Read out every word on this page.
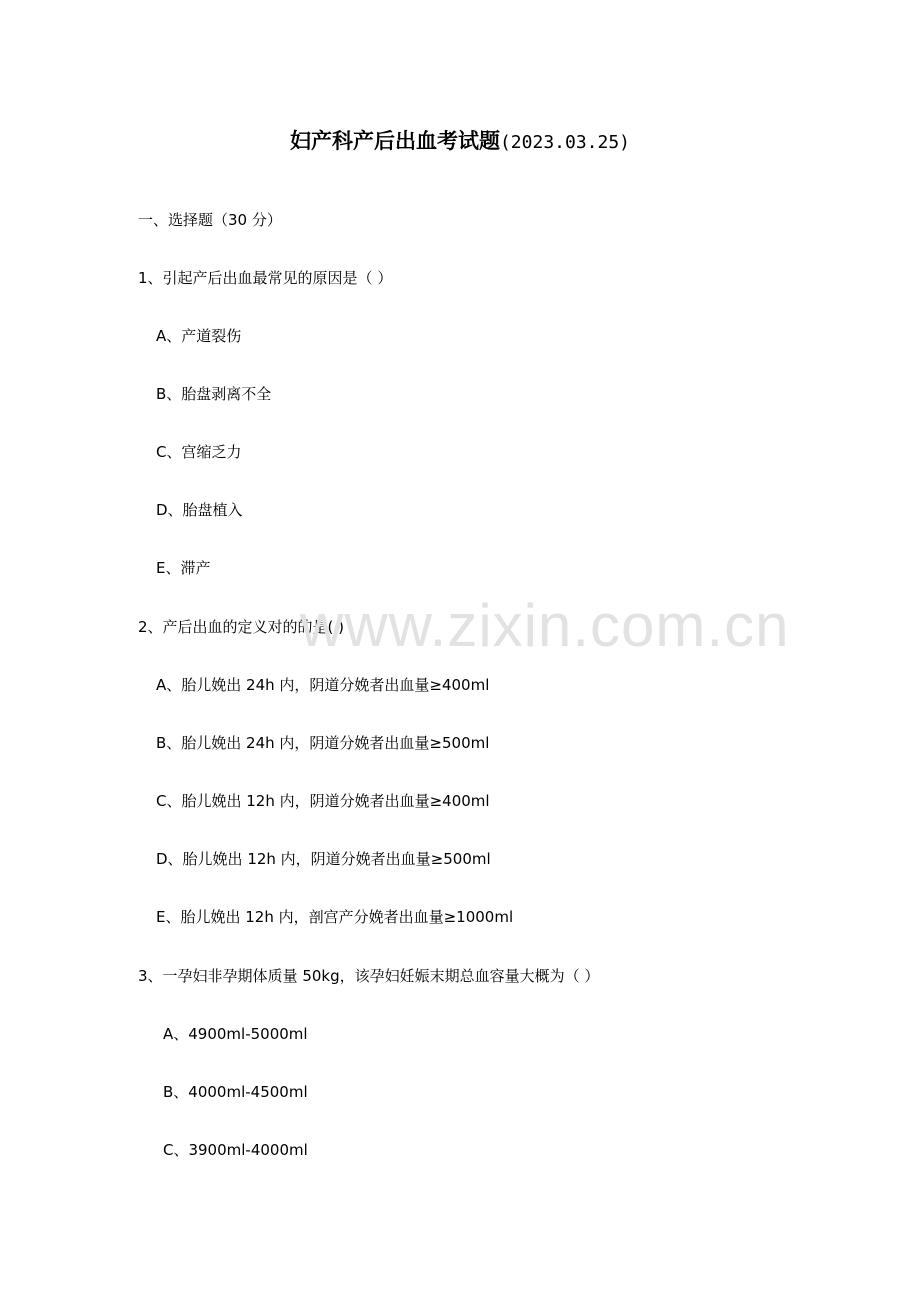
妇产科产后出血考试题(2023.03.25)
一、选择题（30 分）
1、引起产后出血最常见的原因是（ ）
A、产道裂伤
B、胎盘剥离不全
C、宫缩乏力
D、胎盘植入
E、滞产
2、产后出血的定义对的的是( )
A、胎儿娩出 24h 内，阴道分娩者出血量≥400ml
B、胎儿娩出 24h 内，阴道分娩者出血量≥500ml
C、胎儿娩出 12h 内，阴道分娩者出血量≥400ml
D、胎儿娩出 12h 内，阴道分娩者出血量≥500ml
E、胎儿娩出 12h 内，剖宫产分娩者出血量≥1000ml
3、一孕妇非孕期体质量 50kg，该孕妇妊娠末期总血容量大概为（ ）
A、4900ml-5000ml
B、4000ml-4500ml
C、3900ml-4000ml
www.zixin.com.cn
